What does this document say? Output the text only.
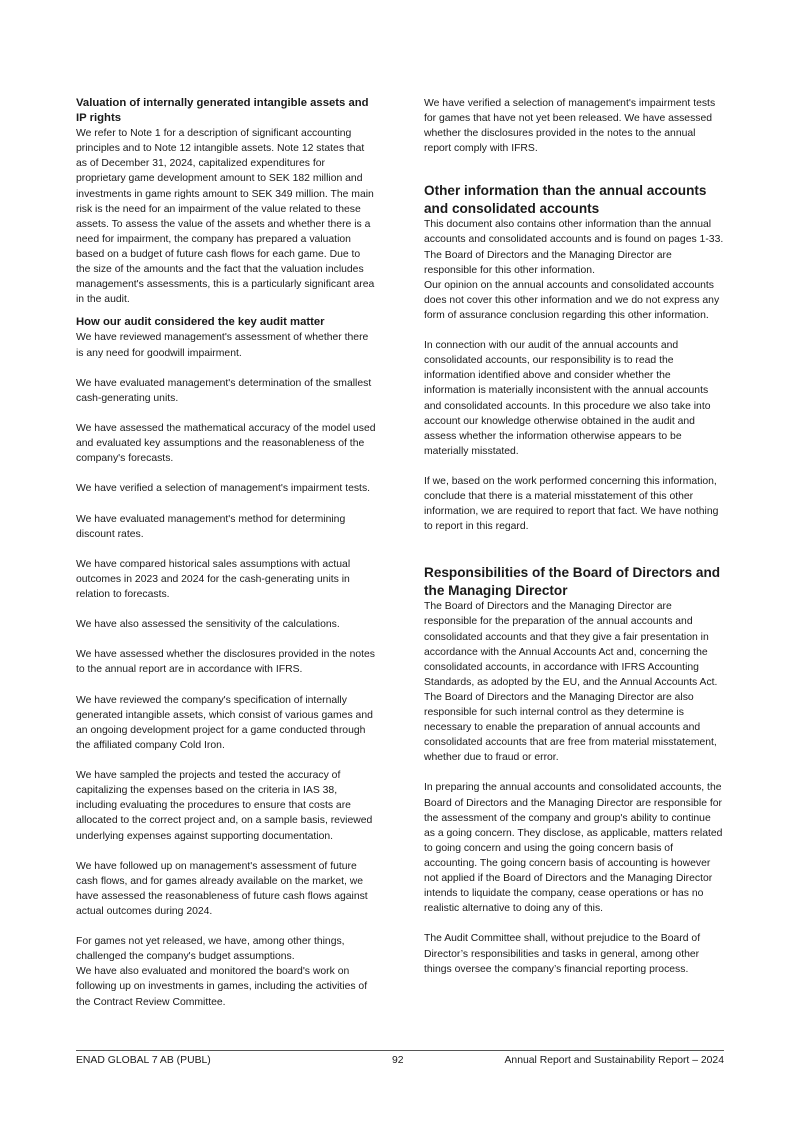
Valuation of internally generated intangible assets and IP rights

We refer to Note 1 for a description of significant accounting principles and to Note 12 intangible assets. Note 12 states that as of December 31, 2024, capitalized expenditures for proprietary game development amount to SEK 182 million and investments in game rights amount to SEK 349 million. The main risk is the need for an impairment of the value related to these assets. To assess the value of the assets and whether there is a need for impairment, the company has prepared a valuation based on a budget of future cash flows for each game. Due to the size of the amounts and the fact that the valuation includes management's assessments, this is a particularly significant area in the audit.

How our audit considered the key audit matter

We have reviewed management's assessment of whether there is any need for goodwill impairment.

We have evaluated management's determination of the smallest cash-generating units.

We have assessed the mathematical accuracy of the model used and evaluated key assumptions and the reasonableness of the company's forecasts.

We have verified a selection of management's impairment tests.

We have evaluated management's method for determining discount rates.

We have compared historical sales assumptions with actual outcomes in 2023 and 2024 for the cash-generating units in relation to forecasts.

We have also assessed the sensitivity of the calculations.

We have assessed whether the disclosures provided in the notes to the annual report are in accordance with IFRS.

We have reviewed the company's specification of internally generated intangible assets, which consist of various games and an ongoing development project for a game conducted through the affiliated company Cold Iron.

We have sampled the projects and tested the accuracy of capitalizing the expenses based on the criteria in IAS 38, including evaluating the procedures to ensure that costs are allocated to the correct project and, on a sample basis, reviewed underlying expenses against supporting documentation.

We have followed up on management's assessment of future cash flows, and for games already available on the market, we have assessed the reasonableness of future cash flows against actual outcomes during 2024.

For games not yet released, we have, among other things, challenged the company's budget assumptions.

We have also evaluated and monitored the board's work on following up on investments in games, including the activities of the Contract Review Committee.

We have verified a selection of management's impairment tests for games that have not yet been released. We have assessed whether the disclosures provided in the notes to the annual report comply with IFRS.

Other information than the annual accounts and consolidated accounts

This document also contains other information than the annual accounts and consolidated accounts and is found on pages 1-33. The Board of Directors and the Managing Director are responsible for this other information.

Our opinion on the annual accounts and consolidated accounts does not cover this other information and we do not express any form of assurance conclusion regarding this other information.

In connection with our audit of the annual accounts and consolidated accounts, our responsibility is to read the information identified above and consider whether the information is materially inconsistent with the annual accounts and consolidated accounts. In this procedure we also take into account our knowledge otherwise obtained in the audit and assess whether the information otherwise appears to be materially misstated.

If we, based on the work performed concerning this information, conclude that there is a material misstatement of this other information, we are required to report that fact. We have nothing to report in this regard.

Responsibilities of the Board of Directors and the Managing Director

The Board of Directors and the Managing Director are responsible for the preparation of the annual accounts and consolidated accounts and that they give a fair presentation in accordance with the Annual Accounts Act and, concerning the consolidated accounts, in accordance with IFRS Accounting Standards, as adopted by the EU, and the Annual Accounts Act. The Board of Directors and the Managing Director are also responsible for such internal control as they determine is necessary to enable the preparation of annual accounts and consolidated accounts that are free from material misstatement, whether due to fraud or error.

In preparing the annual accounts and consolidated accounts, the Board of Directors and the Managing Director are responsible for the assessment of the company and group's ability to continue as a going concern. They disclose, as applicable, matters related to going concern and using the going concern basis of accounting. The going concern basis of accounting is however not applied if the Board of Directors and the Managing Director intends to liquidate the company, cease operations or has no realistic alternative to doing any of this.

The Audit Committee shall, without prejudice to the Board of Director’s responsibilities and tasks in general, among other things oversee the company’s financial reporting process.

ENAD GLOBAL 7 AB (PUBL)	92	Annual Report and Sustainability Report – 2024
